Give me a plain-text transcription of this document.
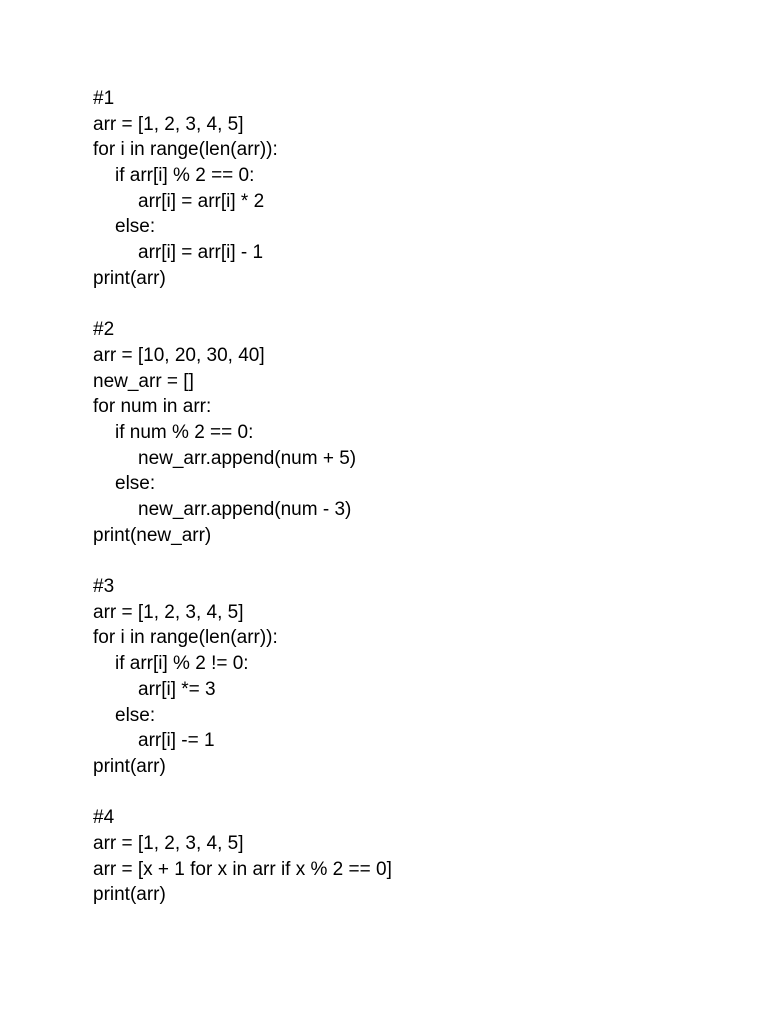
#1
arr = [1, 2, 3, 4, 5]
for i in range(len(arr)):
if arr[i] % 2 == 0:
arr[i] = arr[i] * 2
else:
arr[i] = arr[i] - 1
print(arr)
#2
arr = [10, 20, 30, 40]
new_arr = []
for num in arr:
if num % 2 == 0:
new_arr.append(num + 5)
else:
new_arr.append(num - 3)
print(new_arr)
#3
arr = [1, 2, 3, 4, 5]
for i in range(len(arr)):
if arr[i] % 2 != 0:
arr[i] *= 3
else:
arr[i] -= 1
print(arr)
#4
arr = [1, 2, 3, 4, 5]
arr = [x + 1 for x in arr if x % 2 == 0]
print(arr)
